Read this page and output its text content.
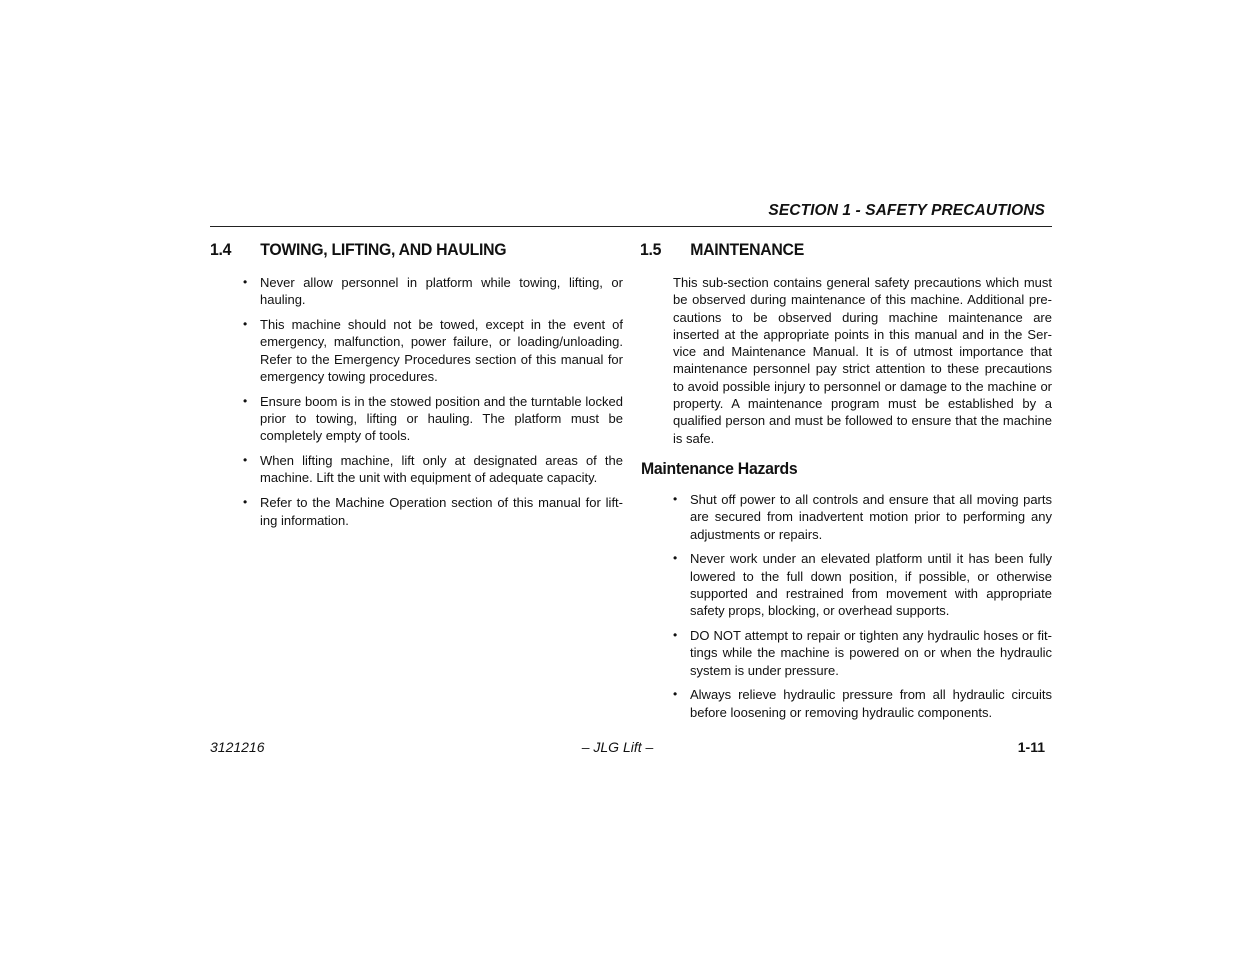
SECTION 1 - SAFETY PRECAUTIONS
1.4	TOWING, LIFTING, AND HAULING
• Never allow personnel in platform while towing, lifting, or hauling.
• This machine should not be towed, except in the event of emergency, malfunction, power failure, or loading/unloading. Refer to the Emergency Procedures section of this manual for emergency towing procedures.
• Ensure boom is in the stowed position and the turntable locked prior to towing, lifting or hauling. The platform must be completely empty of tools.
• When lifting machine, lift only at designated areas of the machine. Lift the unit with equipment of adequate capacity.
• Refer to the Machine Operation section of this manual for lift-ing information.
1.5	MAINTENANCE

This sub-section contains general safety precautions which must be observed during maintenance of this machine. Additional pre-cautions to be observed during machine maintenance are inserted at the appropriate points in this manual and in the Ser-vice and Maintenance Manual. It is of utmost importance that maintenance personnel pay strict attention to these precautions to avoid possible injury to personnel or damage to the machine or property. A maintenance program must be established by a qualified person and must be followed to ensure that the machine is safe.

Maintenance Hazards
• Shut off power to all controls and ensure that all moving parts are secured from inadvertent motion prior to performing any adjustments or repairs.
• Never work under an elevated platform until it has been fully lowered to the full down position, if possible, or otherwise supported and restrained from movement with appropriate safety props, blocking, or overhead supports.
• DO NOT attempt to repair or tighten any hydraulic hoses or fit-tings while the machine is powered on or when the hydraulic system is under pressure.
• Always relieve hydraulic pressure from all hydraulic circuits before loosening or removing hydraulic components.
3121216	– JLG Lift –	1-11
